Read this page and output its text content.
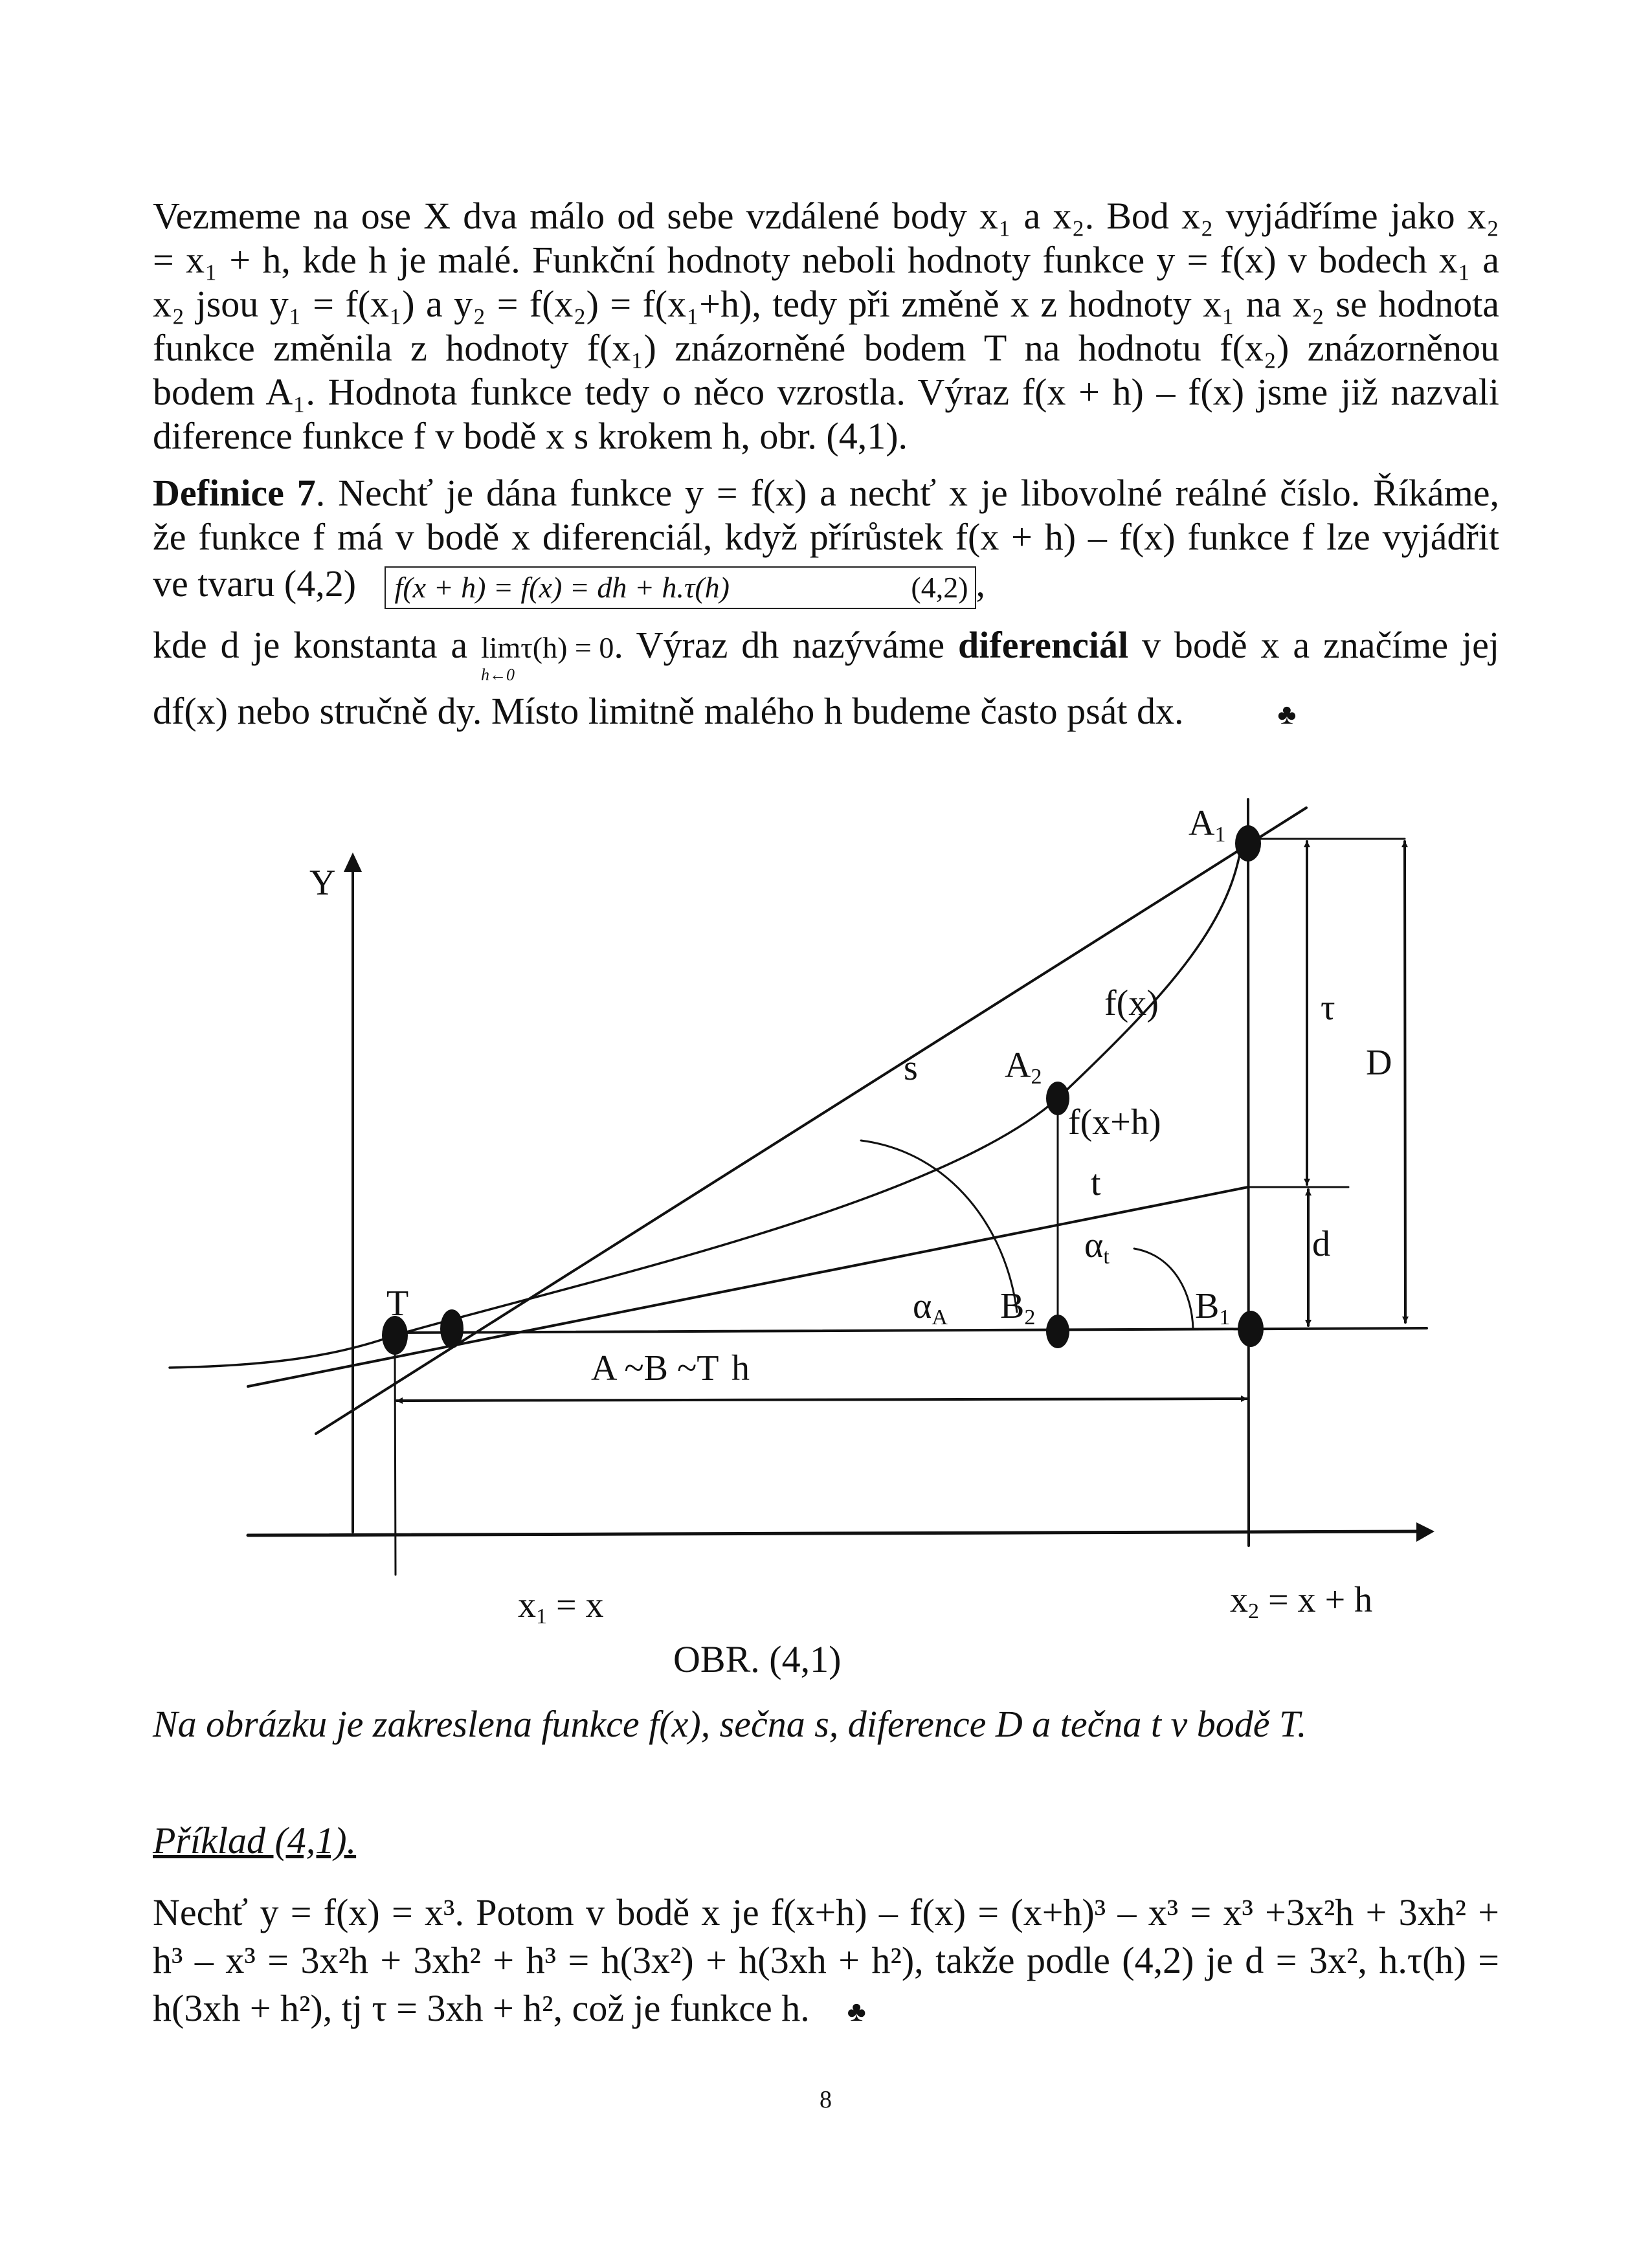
Vezmeme na ose X dva málo od sebe vzdálené body x₁ a x₂. Bod x₂ vyjádříme jako x₂
= x₁ + h, kde h je malé. Funkční hodnoty neboli hodnoty funkce y = f(x) v bodech x₁ a
x₂ jsou y₁ = f(x₁) a y₂ = f(x₂) = f(x₁+h), tedy při změně x z hodnoty x₁ na x₂ se hodnota
funkce změnila z hodnoty f(x₁) znázorněné bodem T na hodnotu f(x₂) znázorněnou
bodem A₁. Hodnota funkce tedy o něco vzrostla. Výraz f(x + h) – f(x) jsme již nazvali
diference funkce f v bodě x s krokem h, obr. (4,1).
Definice 7. Nechť je dána funkce y = f(x) a nechť x je libovolné reálné číslo. Říkáme,
že funkce f má v bodě x diferenciál, když přírůstek f(x + h) – f(x) funkce f lze vyjádřit
ve tvaru (4,2) f(x + h) = f(x) = dh + h.τ(h)	(4,2) ,
kde d je konstanta a limτ(h) = 0
h←0
. Výraz dh nazýváme diferenciál v bodě x a značíme jej
df(x) nebo stručně dy. Místo limitně malého h budeme často psát dx.	♣
Y
A1
f(x)	τ
D
s A2
f(x+h)
t
αt	d
T	αA B2	B1
A ~B ~T h
x1 = x	x2 = x + h
OBR. (4,1)
Na obrázku je zakreslena funkce f(x), sečna s, diference D a tečna t v bodě T.
Příklad (4,1).
Nechť y = f(x) = x³. Potom v bodě x je f(x+h) – f(x) = (x+h)³ – x³ = x³ +3x²h + 3xh² +
h³ – x³ = 3x²h + 3xh² + h³ = h(3x²) + h(3xh + h²), takže podle (4,2) je d = 3x², h.τ(h) =
h(3xh + h²), tj τ = 3xh + h², což je funkce h. ♣
8
